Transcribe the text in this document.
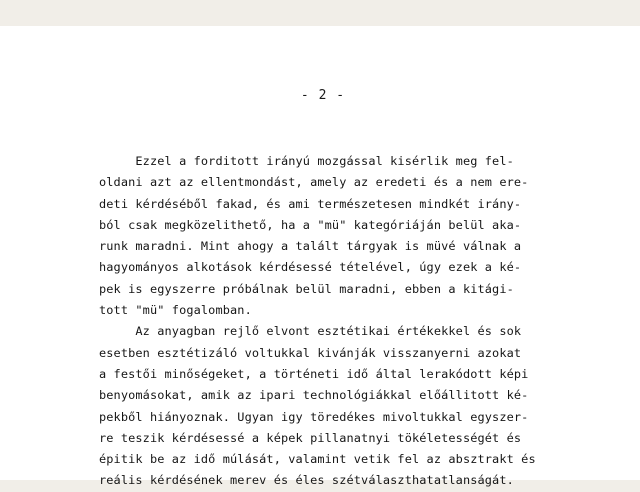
- 2 -
Ezzel a forditott irányú mozgással kisérlik meg fel-
oldani azt az ellentmondást, amely az eredeti és a nem ere-
deti kérdéséből fakad, és ami természetesen mindkét irány-
ból csak megközelithető, ha a "mü" kategóriáján belül aka-
runk maradni. Mint ahogy a talált tárgyak is müvé válnak a
hagyományos alkotások kérdésessé tételével, úgy ezek a ké-
pek is egyszerre próbálnak belül maradni, ebben a kitági-
tott "mü" fogalomban.
Az anyagban rejlő elvont esztétikai értékekkel és sok
esetben esztétizáló voltukkal kivánják visszanyerni azokat
a festői minőségeket, a történeti idő által lerakódott képi
benyomásokat, amik az ipari technológiákkal előállitott ké-
pekből hiányoznak. Ugyan igy töredékes mivoltukkal egyszer-
re teszik kérdésessé a képek pillanatnyi tökéletességét és
épitik be az idő múlását, valamint vetik fel az absztrakt és
reális kérdésének merev és éles szétválaszthatatlanságát.
